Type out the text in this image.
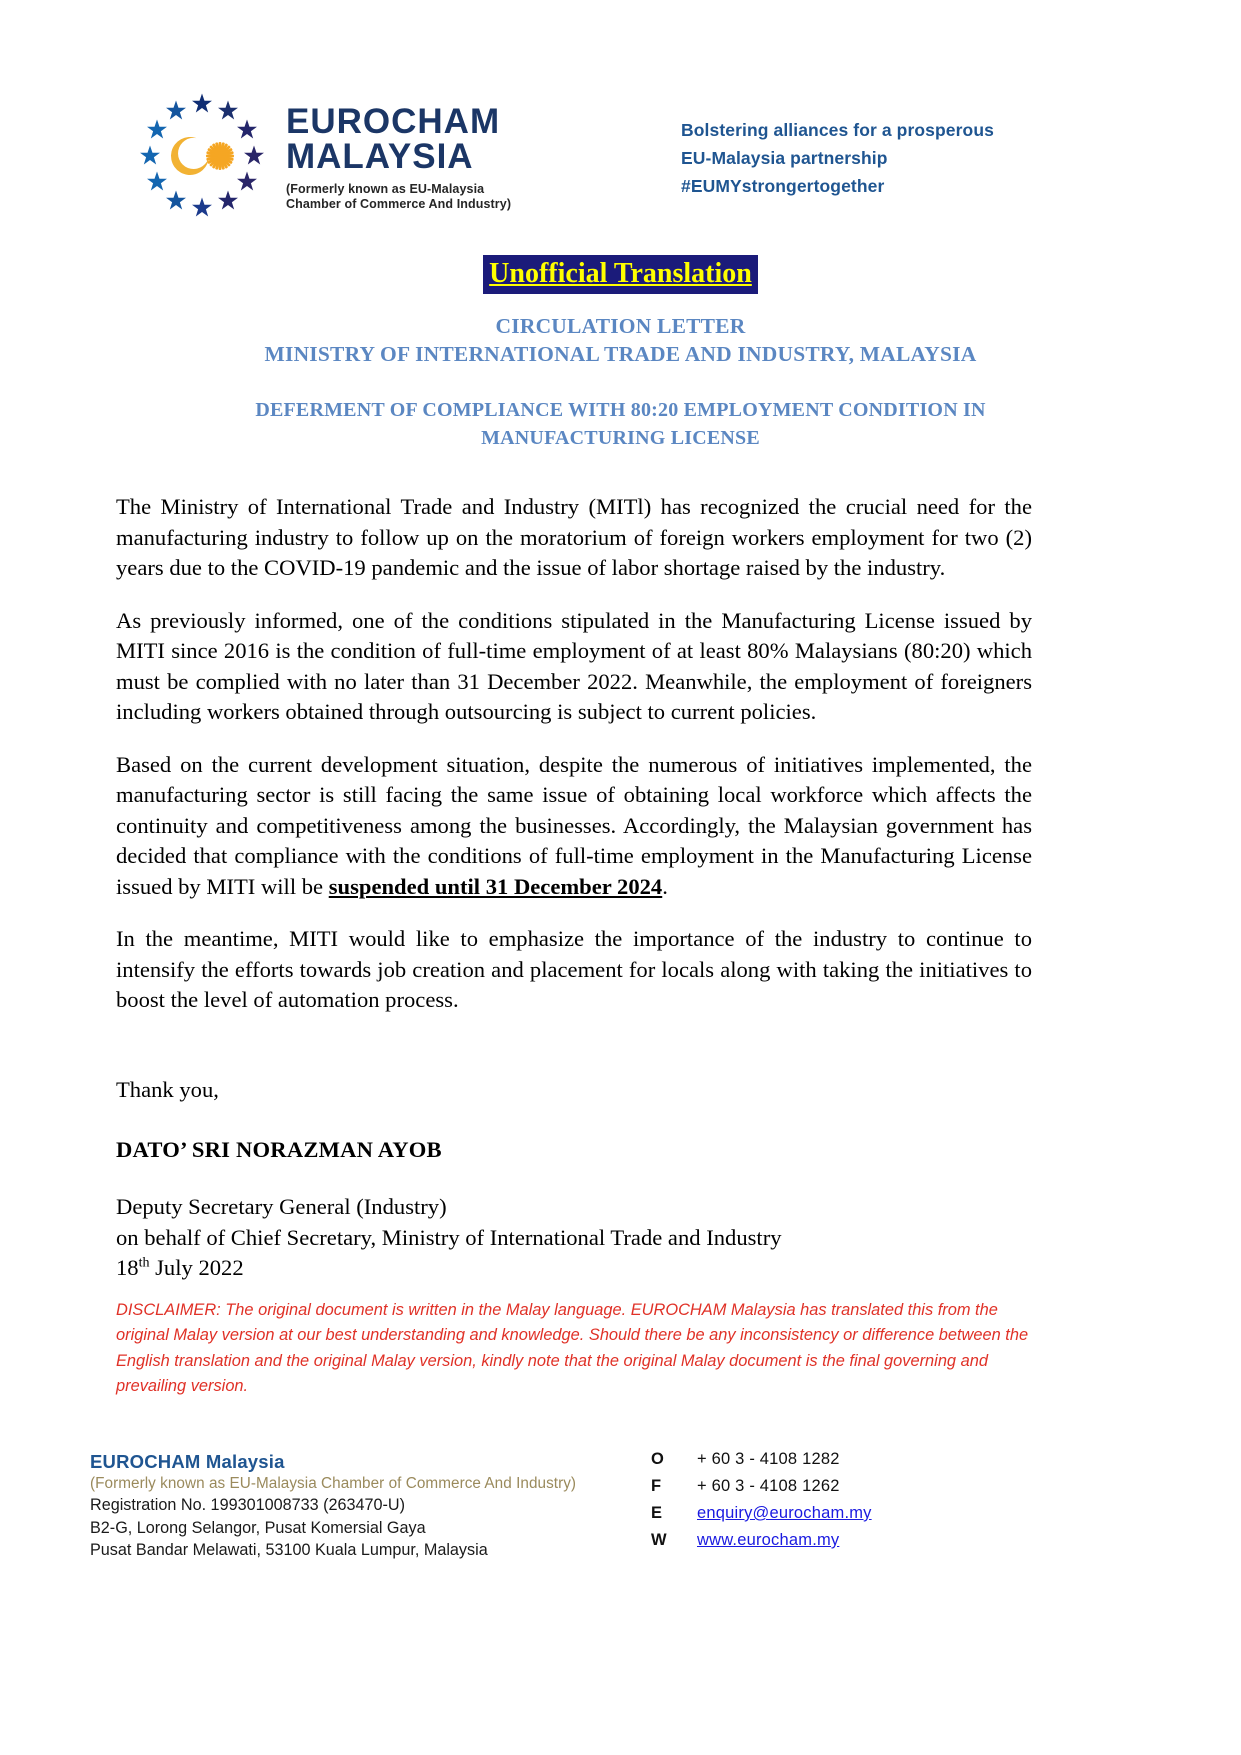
EUROCHAM
MALAYSIA
(Formerly known as EU-Malaysia
Chamber of Commerce And Industry)
Bolstering alliances for a prosperous
EU-Malaysia partnership
#EUMYstrongertogether
Unofficial Translation
CIRCULATION LETTER
MINISTRY OF INTERNATIONAL TRADE AND INDUSTRY, MALAYSIA
DEFERMENT OF COMPLIANCE WITH 80:20 EMPLOYMENT CONDITION IN
MANUFACTURING LICENSE

The Ministry of International Trade and Industry (MITl) has recognized the crucial need for the manufacturing industry to follow up on the moratorium of foreign workers employment for two (2) years due to the COVID-19 pandemic and the issue of labor shortage raised by the industry.

As previously informed, one of the conditions stipulated in the Manufacturing License issued by MITI since 2016 is the condition of full-time employment of at least 80% Malaysians (80:20) which must be complied with no later than 31 December 2022. Meanwhile, the employment of foreigners including workers obtained through outsourcing is subject to current policies.

Based on the current development situation, despite the numerous of initiatives implemented, the manufacturing sector is still facing the same issue of obtaining local workforce which affects the continuity and competitiveness among the businesses. Accordingly, the Malaysian government has decided that compliance with the conditions of full-time employment in the Manufacturing License issued by MITI will be suspended until 31 December 2024.

In the meantime, MITI would like to emphasize the importance of the industry to continue to intensify the efforts towards job creation and placement for locals along with taking the initiatives to boost the level of automation process.

Thank you,
DATO’ SRI NORAZMAN AYOB
Deputy Secretary General (Industry)
on behalf of Chief Secretary, Ministry of International Trade and Industry
18th July 2022
DISCLAIMER: The original document is written in the Malay language. EUROCHAM Malaysia has translated this from the original Malay version at our best understanding and knowledge. Should there be any inconsistency or difference between the English translation and the original Malay version, kindly note that the original Malay document is the final governing and prevailing version.
EUROCHAM Malaysia
(Formerly known as EU-Malaysia Chamber of Commerce And Industry)
Registration No. 199301008733 (263470-U)
B2-G, Lorong Selangor, Pusat Komersial Gaya
Pusat Bandar Melawati, 53100 Kuala Lumpur, Malaysia
O	+ 60 3 - 4108 1282
F	+ 60 3 - 4108 1262
E	enquiry@eurocham.my
W	www.eurocham.my
